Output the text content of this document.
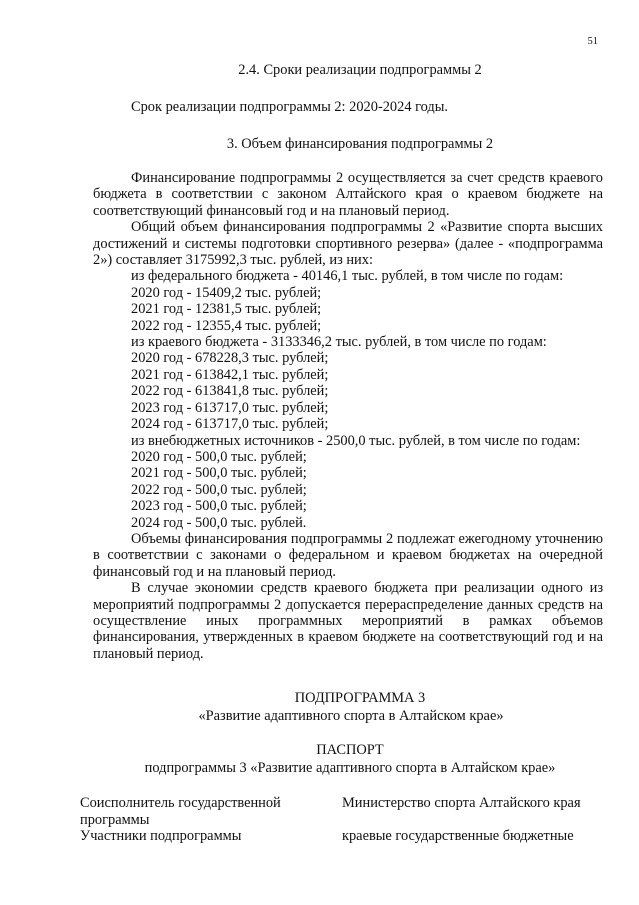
51
2.4. Сроки реализации подпрограммы 2
Срок реализации подпрограммы 2: 2020-2024 годы.
3. Объем финансирования подпрограммы 2

Финансирование подпрограммы 2 осуществляется за счет средств краевого бюджета в соответствии с законом Алтайского края о краевом бюджете на соответствующий финансовый год и на плановый период.

Общий объем финансирования подпрограммы 2 «Развитие спорта высших достижений и системы подготовки спортивного резерва» (далее - «подпрограмма 2») составляет 3175992,3 тыс. рублей, из них:

из федерального бюджета - 40146,1 тыс. рублей, в том числе по годам:
2020 год - 15409,2 тыс. рублей;
2021 год - 12381,5 тыс. рублей;
2022 год - 12355,4 тыс. рублей;
из краевого бюджета - 3133346,2 тыс. рублей, в том числе по годам:
2020 год - 678228,3 тыс. рублей;
2021 год - 613842,1 тыс. рублей;
2022 год - 613841,8 тыс. рублей;
2023 год - 613717,0 тыс. рублей;
2024 год - 613717,0 тыс. рублей;

из внебюджетных источников - 2500,0 тыс. рублей, в том числе по годам:

2020 год - 500,0 тыс. рублей;
2021 год - 500,0 тыс. рублей;
2022 год - 500,0 тыс. рублей;
2023 год - 500,0 тыс. рублей;
2024 год - 500,0 тыс. рублей.

Объемы финансирования подпрограммы 2 подлежат ежегодному уточнению в соответствии с законами о федеральном и краевом бюджетах на очередной финансовый год и на плановый период.

В случае экономии средств краевого бюджета при реализации одного из мероприятий подпрограммы 2 допускается перераспределение данных средств на осуществление иных программных мероприятий в рамках объемов финансирования, утвержденных в краевом бюджете на соответствующий год и на плановый период.

ПОДПРОГРАММА 3
«Развитие адаптивного спорта в Алтайском крае»
ПАСПОРТ
подпрограммы 3 «Развитие адаптивного спорта в Алтайском крае»
Соисполнитель государственной программы
Участники подпрограммы
Министерство спорта Алтайского края
краевые государственные бюджетные
